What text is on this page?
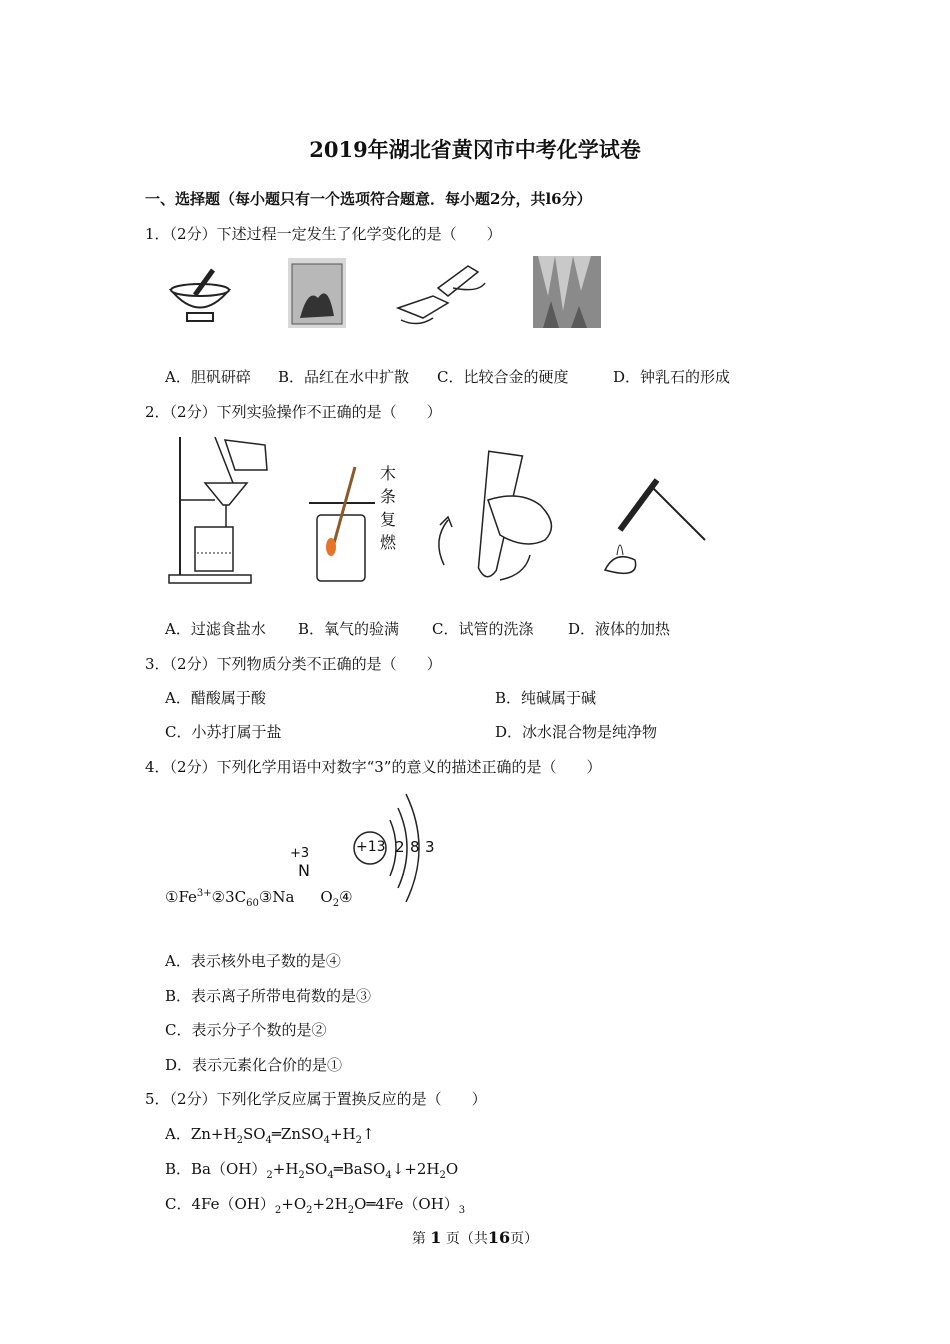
2019年湖北省黄冈市中考化学试卷
一、选择题（每小题只有一个选项符合题意．每小题2分，共l6分）
1．（2分）下述过程一定发生了化学变化的是（　　）
A．胆矾研碎 B．品红在水中扩散 C．比较合金的硬度	D．钟乳石的形成
2．（2分）下列实验操作不正确的是（　　）
木
条
复
燃
A．过滤食盐水 B．氧气的验满 C．试管的洗涤 D．液体的加热
3．（2分）下列物质分类不正确的是（　　）
A．醋酸属于酸	B．纯碱属于碱
C．小苏打属于盐	D．冰水混合物是纯净物
4．（2分）下列化学用语中对数字“3”的意义的描述正确的是（　　）
+3
N
+13 2 8 3
$①Fe^{3+}②3C_{60}③Na$ $O_2④$
A．表示核外电子数的是④
B．表示离子所带电荷数的是③
C．表示分子个数的是②
D．表示元素化合价的是①
5．（2分）下列化学反应属于置换反应的是（　　）
A．$Zn+H_2SO_4═ZnSO_4+H_2↑$
B．$Ba(OH)_2+H_2SO_4═BaSO_4↓+2H_2O$
C．$4Fe(OH)_2+O_2+2H_2O═4Fe(OH)_3$
第 1 页（共16页）
